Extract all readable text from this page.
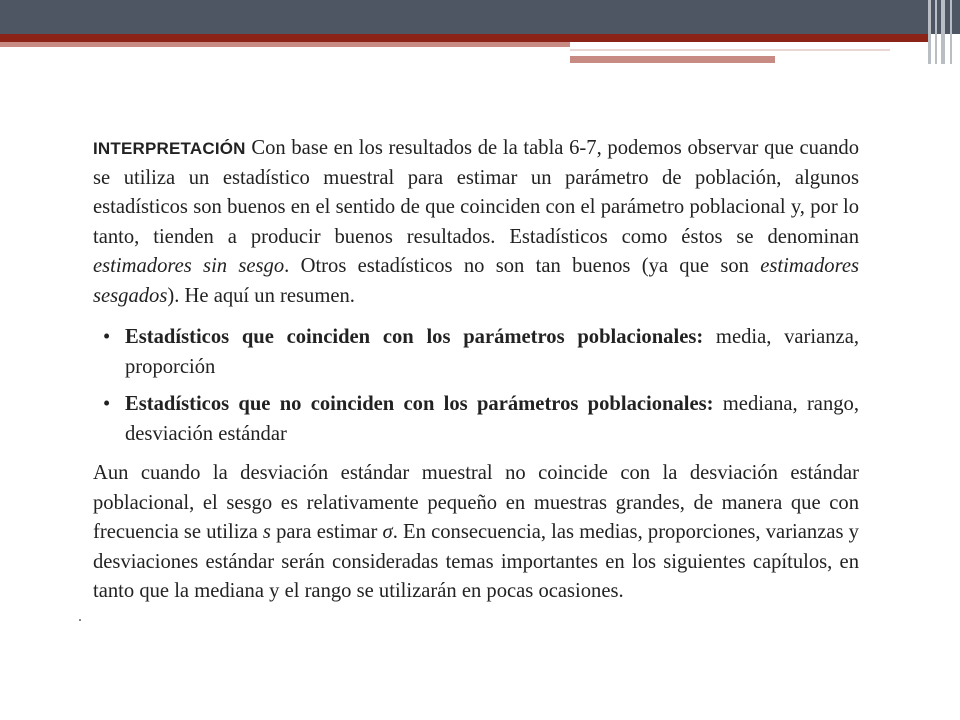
INTERPRETACIÓN Con base en los resultados de la tabla 6-7, podemos observar que cuando se utiliza un estadístico muestral para estimar un parámetro de población, algunos estadísticos son buenos en el sentido de que coinciden con el parámetro poblacional y, por lo tanto, tienden a producir buenos resultados. Estadísticos como éstos se denominan estimadores sin sesgo. Otros estadísticos no son tan buenos (ya que son estimadores sesgados). He aquí un resumen.

• Estadísticos que coinciden con los parámetros poblacionales: media, varianza, proporción
• Estadísticos que no coinciden con los parámetros poblacionales: mediana, rango, desviación estándar

Aun cuando la desviación estándar muestral no coincide con la desviación estándar poblacional, el sesgo es relativamente pequeño en muestras grandes, de manera que con frecuencia se utiliza s para estimar σ. En consecuencia, las medias, proporciones, varianzas y desviaciones estándar serán consideradas temas importantes en los siguientes capítulos, en tanto que la mediana y el rango se utilizarán en pocas ocasiones.

.
